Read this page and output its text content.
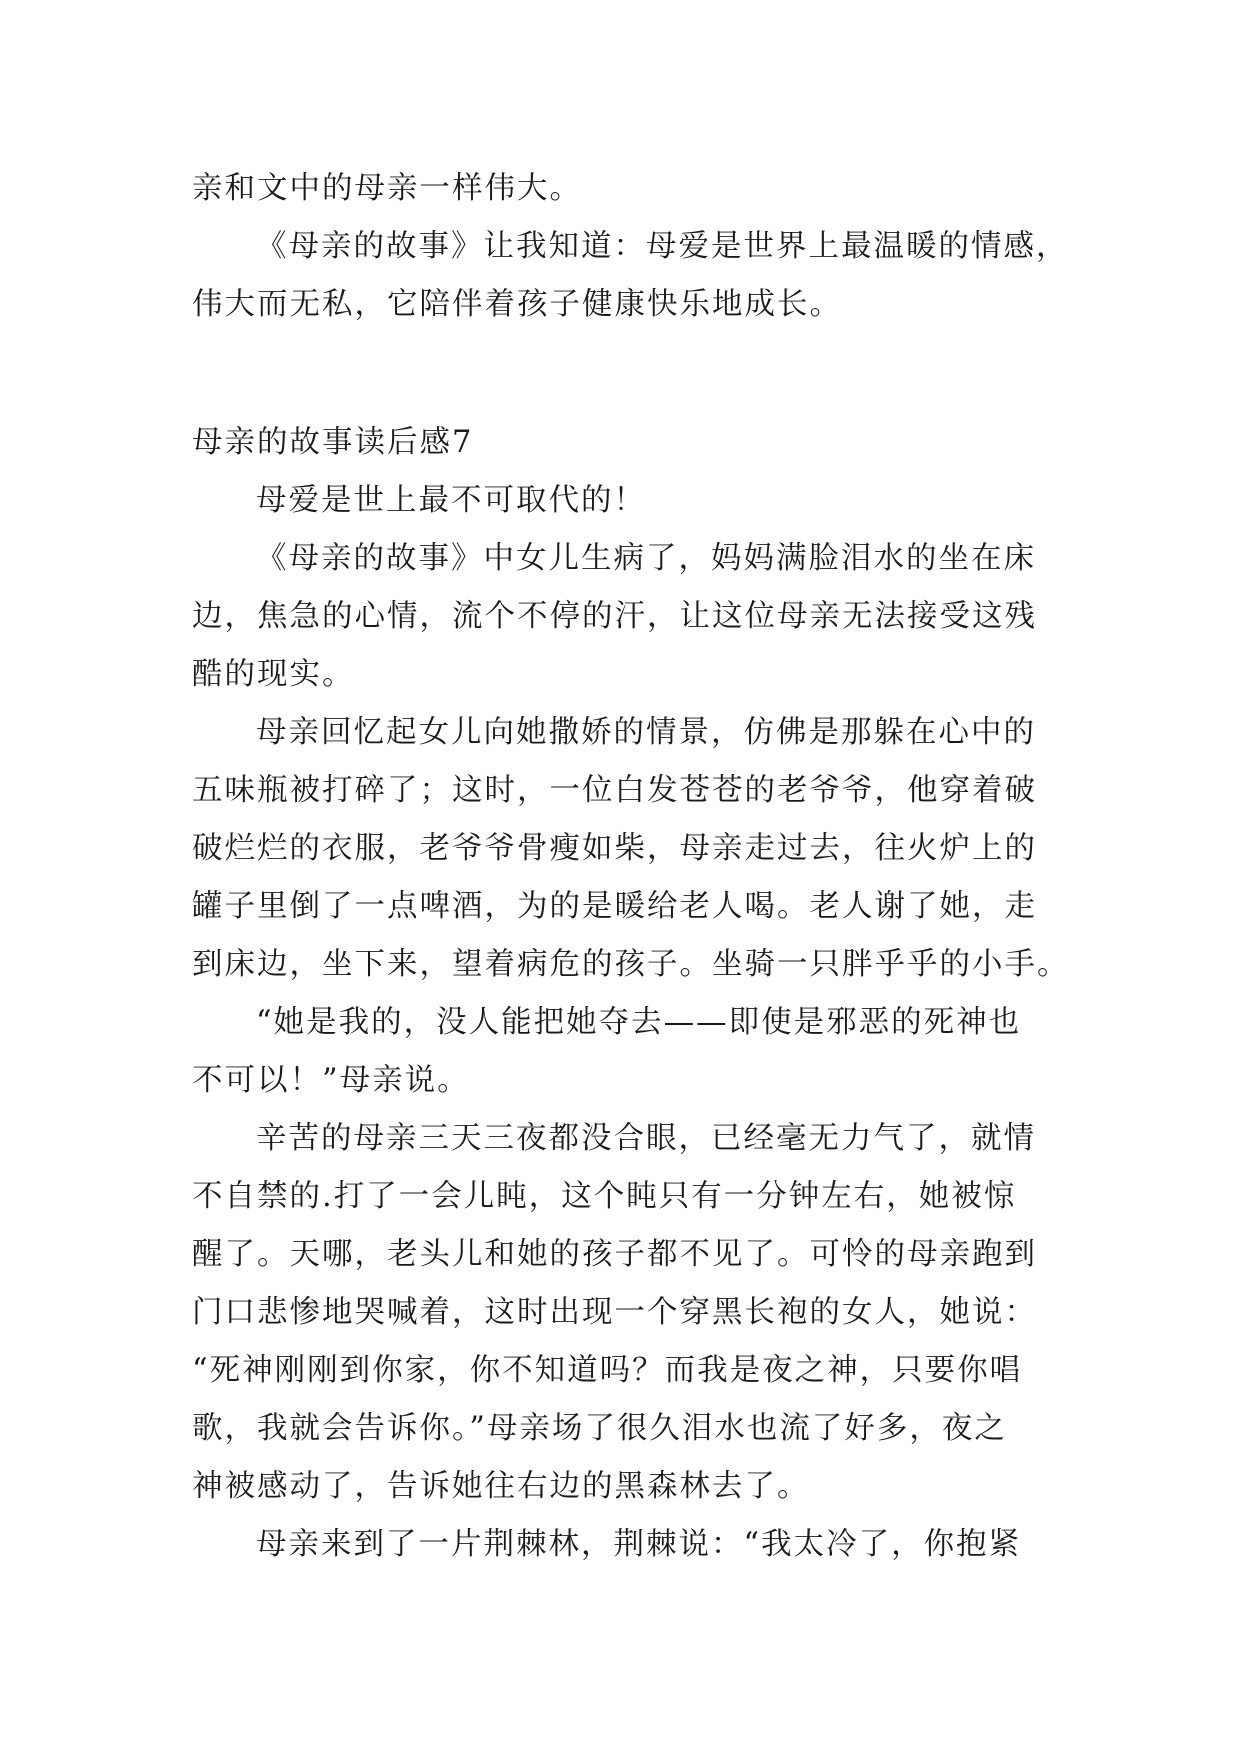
亲和文中的母亲一样伟大。
《母亲的故事》让我知道：母爱是世界上最温暖的情感，
伟大而无私，它陪伴着孩子健康快乐地成长。
母亲的故事读后感7
母爱是世上最不可取代的！
《母亲的故事》中女儿生病了，妈妈满脸泪水的坐在床
边，焦急的心情，流个不停的汗，让这位母亲无法接受这残
酷的现实。
母亲回忆起女儿向她撒娇的情景，仿佛是那躲在心中的
五味瓶被打碎了；这时，一位白发苍苍的老爷爷，他穿着破
破烂烂的衣服，老爷爷骨瘦如柴，母亲走过去，往火炉上的
罐子里倒了一点啤酒，为的是暖给老人喝。老人谢了她，走
到床边，坐下来，望着病危的孩子。坐骑一只胖乎乎的小手。
“她是我的，没人能把她夺去——即使是邪恶的死神也
不可以！”母亲说。
辛苦的母亲三天三夜都没合眼，已经毫无力气了，就情
不自禁的.打了一会儿盹，这个盹只有一分钟左右，她被惊
醒了。天哪，老头儿和她的孩子都不见了。可怜的母亲跑到
门口悲惨地哭喊着，这时出现一个穿黑长袍的女人，她说：
“死神刚刚到你家，你不知道吗？而我是夜之神，只要你唱
歌，我就会告诉你。”母亲场了很久泪水也流了好多，夜之
神被感动了，告诉她往右边的黑森林去了。
母亲来到了一片荆棘林，荆棘说：“我太冷了，你抱紧
